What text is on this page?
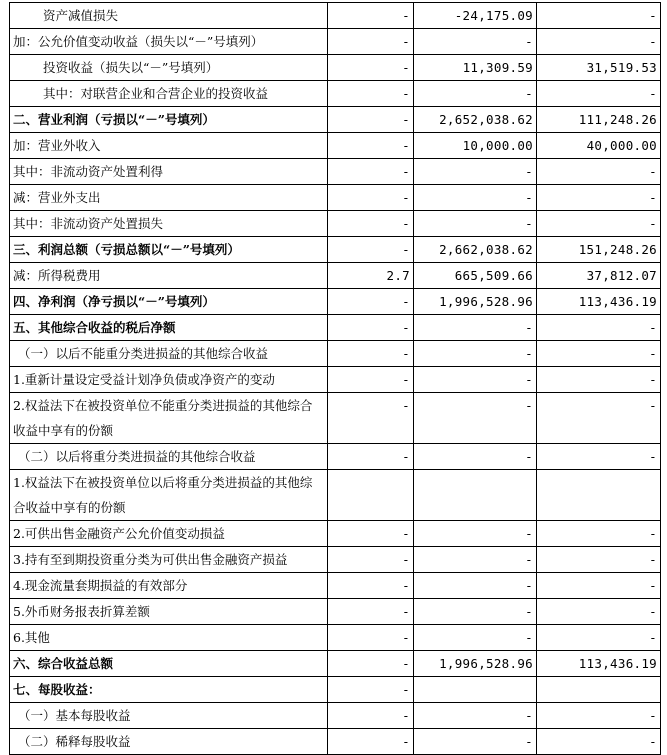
资产减值损失	-	-24,175.09	-
加：公允价值变动收益（损失以“－”号填列）	-	-	-
投资收益（损失以“－”号填列）	-	11,309.59	31,519.53
其中：对联营企业和合营企业的投资收益	-	-	-
二、营业利润（亏损以“－”号填列）	-	2,652,038.62	111,248.26
加：营业外收入	-	10,000.00	40,000.00
其中：非流动资产处置利得	-	-	-
减：营业外支出	-	-	-
其中：非流动资产处置损失	-	-	-
三、利润总额（亏损总额以“－”号填列）	-	2,662,038.62	151,248.26
减：所得税费用	2.7	665,509.66	37,812.07
四、净利润（净亏损以“－”号填列）	-	1,996,528.96	113,436.19
五、其他综合收益的税后净额	-	-	-
（一）以后不能重分类进损益的其他综合收益	-	-	-
1.重新计量设定受益计划净负债或净资产的变动	-	-	-
2.权益法下在被投资单位不能重分类进损益的其他综合收益中享有的份额	-	-	-
（二）以后将重分类进损益的其他综合收益	-	-	-
1.权益法下在被投资单位以后将重分类进损益的其他综合收益中享有的份额			
2.可供出售金融资产公允价值变动损益	-	-	-
3.持有至到期投资重分类为可供出售金融资产损益	-	-	-
4.现金流量套期损益的有效部分	-	-	-
5.外币财务报表折算差额	-	-	-
6.其他	-	-	-
六、综合收益总额	-	1,996,528.96	113,436.19
七、每股收益：	-		
（一）基本每股收益	-	-	-
（二）稀释每股收益	-	-	-
